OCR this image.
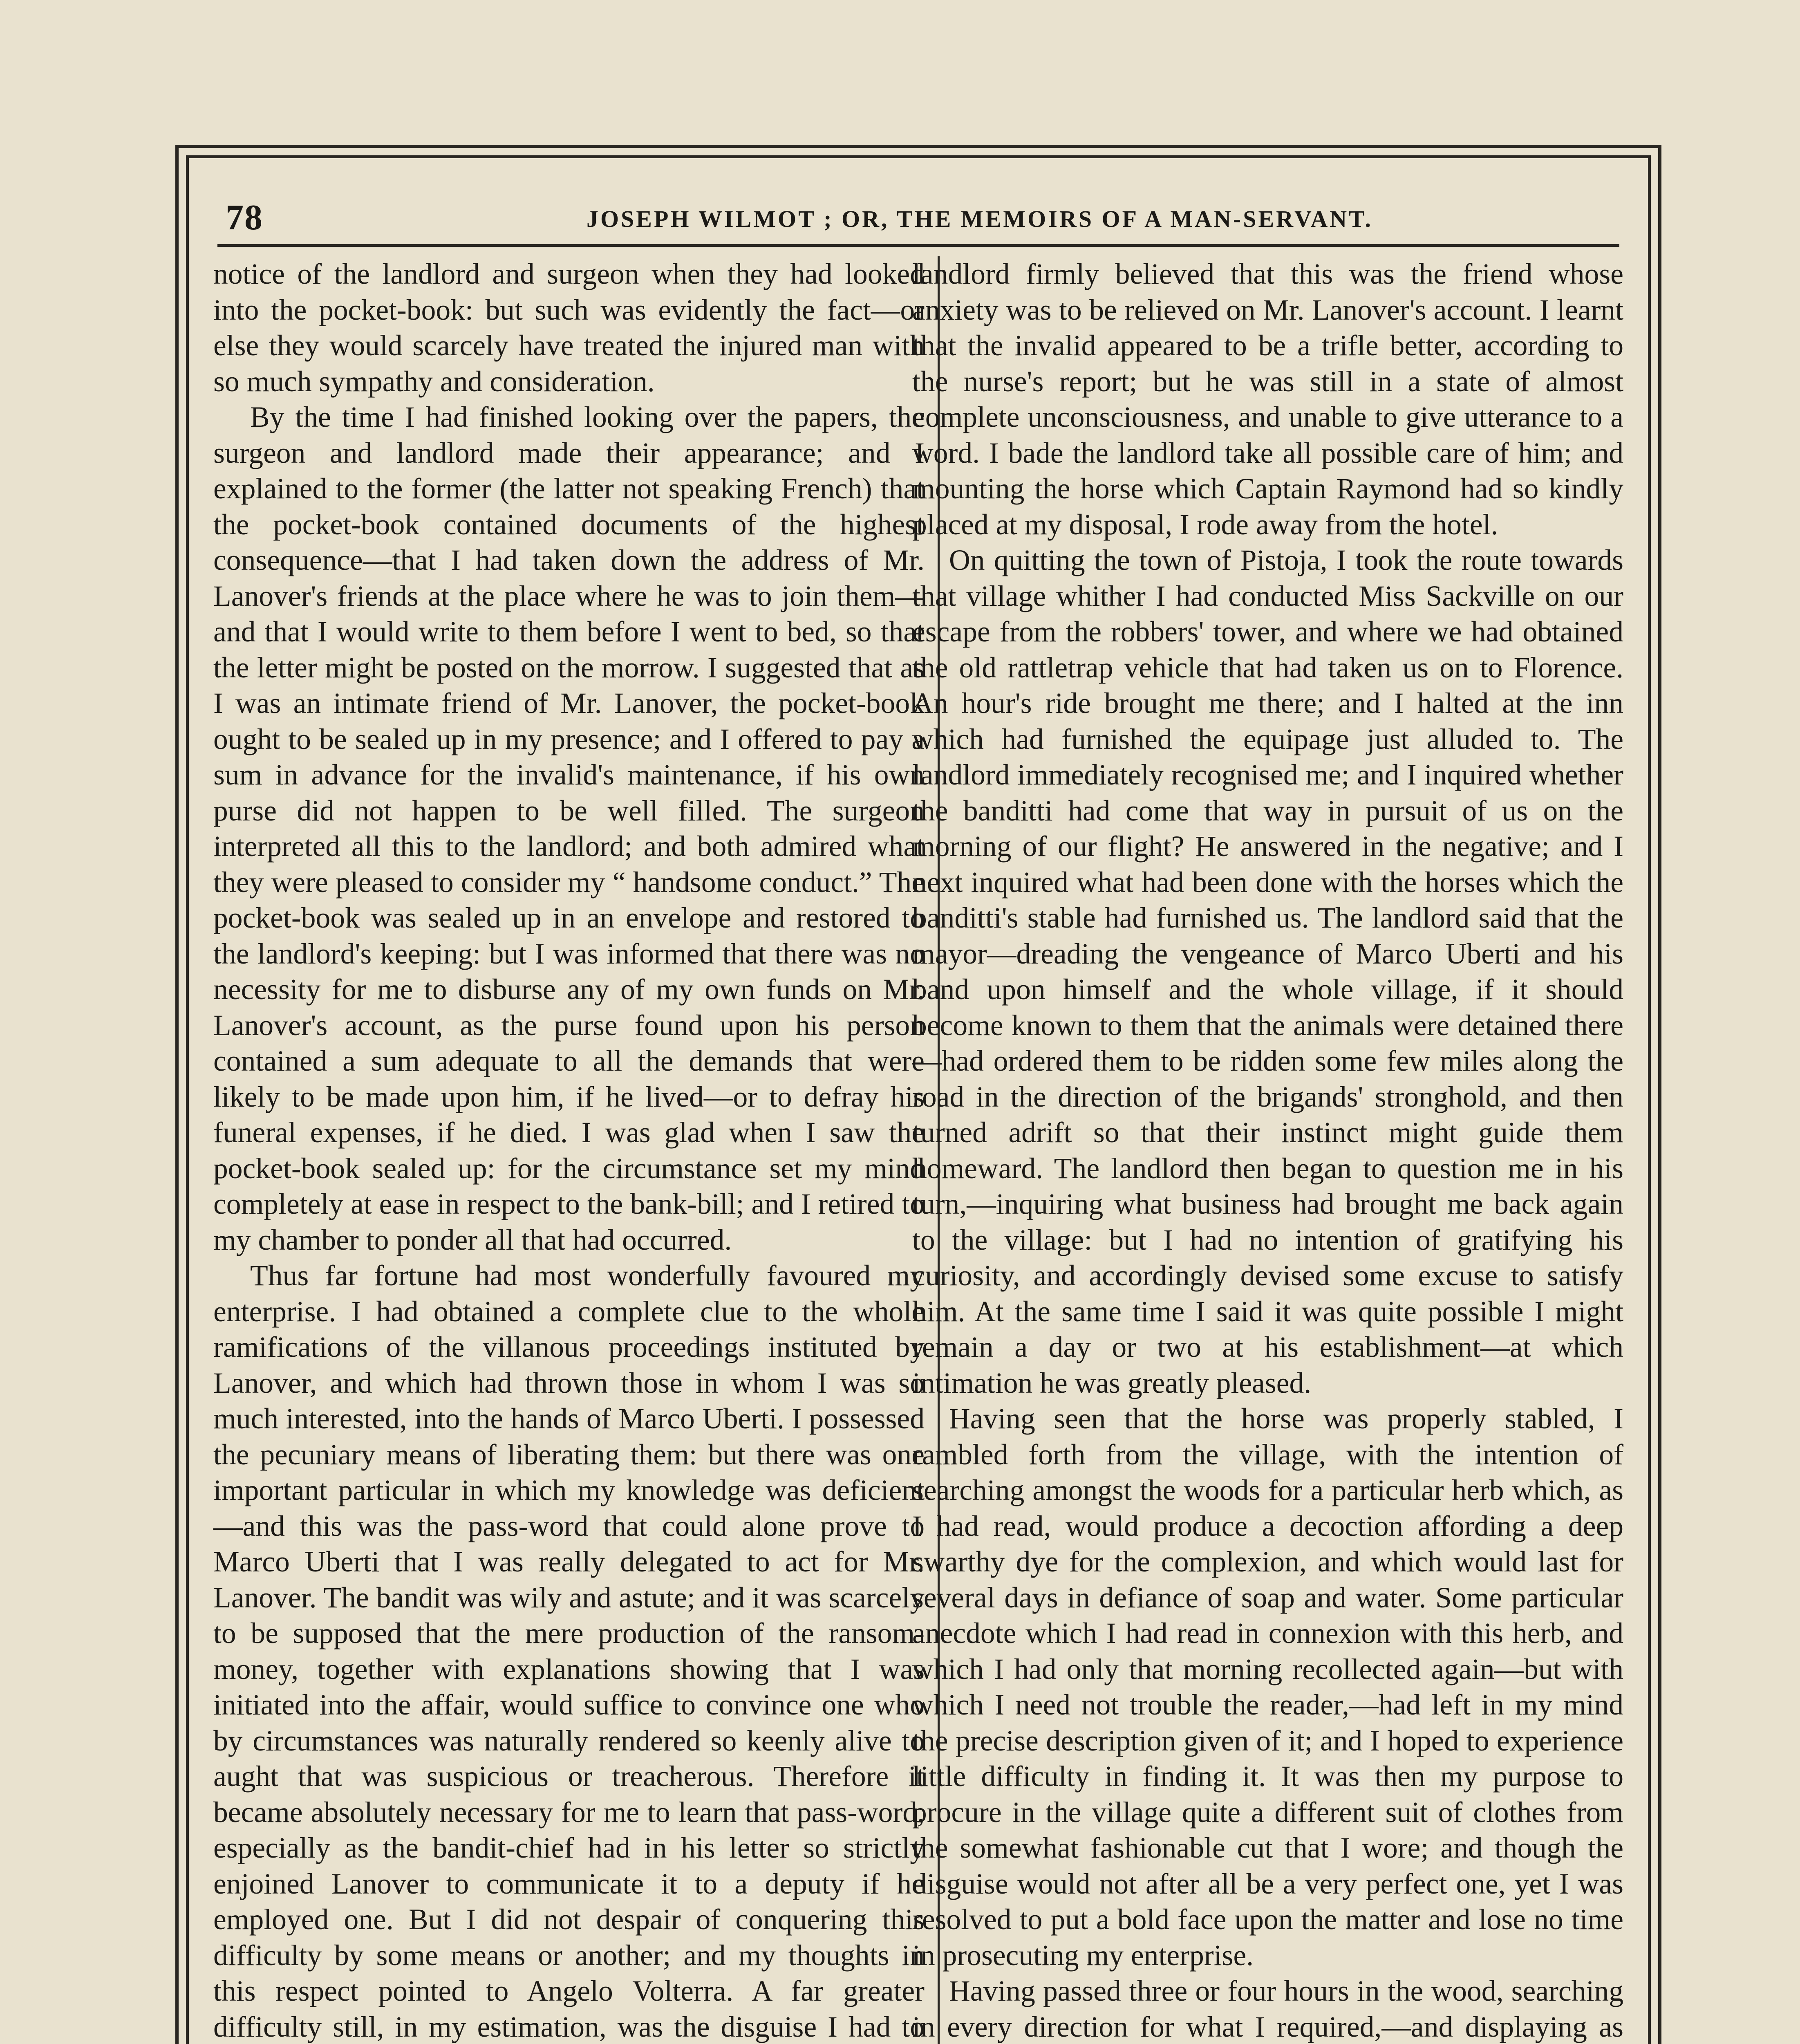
78	JOSEPH WILMOT ; OR, THE MEMOIRS OF A MAN-SERVANT.

notice of the landlord and surgeon when they had looked into the pocket-book: but such was evidently the fact—or else they would scarcely have treated the injured man with so much sympathy and consideration.

By the time I had finished looking over the papers, the surgeon and landlord made their appearance; and I explained to the former (the latter not speaking French) that the pocket-book contained documents of the highest consequence—that I had taken down the address of Mr. Lanover's friends at the place where he was to join them—and that I would write to them before I went to bed, so that the letter might be posted on the morrow. I suggested that as I was an intimate friend of Mr. Lanover, the pocket-book ought to be sealed up in my presence; and I offered to pay a sum in advance for the invalid's maintenance, if his own purse did not happen to be well filled. The surgeon interpreted all this to the landlord; and both admired what they were pleased to consider my “ handsome conduct.” The pocket-book was sealed up in an envelope and restored to the landlord's keeping: but I was informed that there was no necessity for me to disburse any of my own funds on Mr. Lanover's account, as the purse found upon his person contained a sum adequate to all the demands that were likely to be made upon him, if he lived—or to defray his funeral expenses, if he died. I was glad when I saw the pocket-book sealed up: for the circumstance set my mind completely at ease in respect to the bank-bill; and I retired to my chamber to ponder all that had occurred.

Thus far fortune had most wonderfully favoured my enterprise. I had obtained a complete clue to the whole ramifications of the villanous proceedings instituted by Lanover, and which had thrown those in whom I was so much interested, into the hands of Marco Uberti. I possessed the pecuniary means of liberating them: but there was one important particular in which my knowledge was deficient—and this was the pass-word that could alone prove to Marco Uberti that I was really delegated to act for Mr. Lanover. The bandit was wily and astute; and it was scarcely to be supposed that the mere production of the ransom-money, together with explanations showing that I was initiated into the affair, would suffice to convince one who by circumstances was naturally rendered so keenly alive to aught that was suspicious or treacherous. Therefore it became absolutely necessary for me to learn that pass-word, especially as the bandit-chief had in his letter so strictly enjoined Lanover to communicate it to a deputy if he employed one. But I did not despair of conquering this difficulty by some means or another; and my thoughts in this respect pointed to Angelo Volterra. A far greater difficulty still, in my estimation, was the disguise I had to

landlord firmly believed that this was the friend whose anxiety was to be relieved on Mr. Lanover's account. I learnt that the invalid appeared to be a trifle better, according to the nurse's report; but he was still in a state of almost complete unconsciousness, and unable to give utterance to a word. I bade the landlord take all possible care of him; and mounting the horse which Captain Raymond had so kindly placed at my disposal, I rode away from the hotel.

On quitting the town of Pistoja, I took the route towards that village whither I had conducted Miss Sackville on our escape from the robbers' tower, and where we had obtained the old rattletrap vehicle that had taken us on to Florence. An hour's ride brought me there; and I halted at the inn which had furnished the equipage just alluded to. The landlord immediately recognised me; and I inquired whether the banditti had come that way in pursuit of us on the morning of our flight? He answered in the negative; and I next inquired what had been done with the horses which the banditti's stable had furnished us. The landlord said that the mayor—dreading the vengeance of Marco Uberti and his band upon himself and the whole village, if it should become known to them that the animals were detained there—had ordered them to be ridden some few miles along the road in the direction of the brigands' stronghold, and then turned adrift so that their instinct might guide them homeward. The landlord then began to question me in his turn,—inquiring what business had brought me back again to the village: but I had no intention of gratifying his curiosity, and accordingly devised some excuse to satisfy him. At the same time I said it was quite possible I might remain a day or two at his establishment—at which intimation he was greatly pleased.

Having seen that the horse was properly stabled, I rambled forth from the village, with the intention of searching amongst the woods for a particular herb which, as I had read, would produce a decoction affording a deep swarthy dye for the complexion, and which would last for several days in defiance of soap and water. Some particular anecdote which I had read in connexion with this herb, and which I had only that morning recollected again—but with which I need not trouble the reader,—had left in my mind the precise description given of it; and I hoped to experience little difficulty in finding it. It was then my purpose to procure in the village quite a different suit of clothes from the somewhat fashionable cut that I wore; and though the disguise would not after all be a very perfect one, yet I was resolved to put a bold face upon the matter and lose no time in prosecuting my enterprise.

Having passed three or four hours in the wood, searching in every direction for what I required,—and displaying as
